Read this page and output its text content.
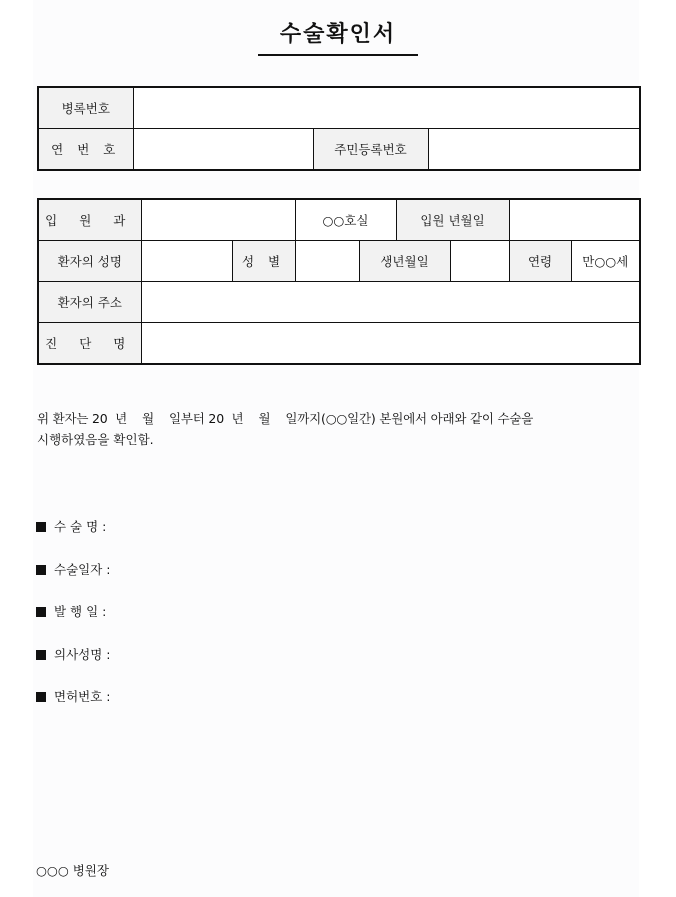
수술확인서
병록번호			
연 번 호		주민등록번호	
입 원 과			○○호실		입원 년월일			
환자의 성명		성 별		생년월일			연령	만○○세
환자의 주소								
진 단 명								
위 환자는 20  년    월    일부터 20  년    월    일까지(○○일간) 본원에서 아래와 같이 수술을
시행하였음을 확인함.
수 술 명 :
수술일자 :
발 행 일 :
의사성명 :
면허번호 :
○○○ 병원장
